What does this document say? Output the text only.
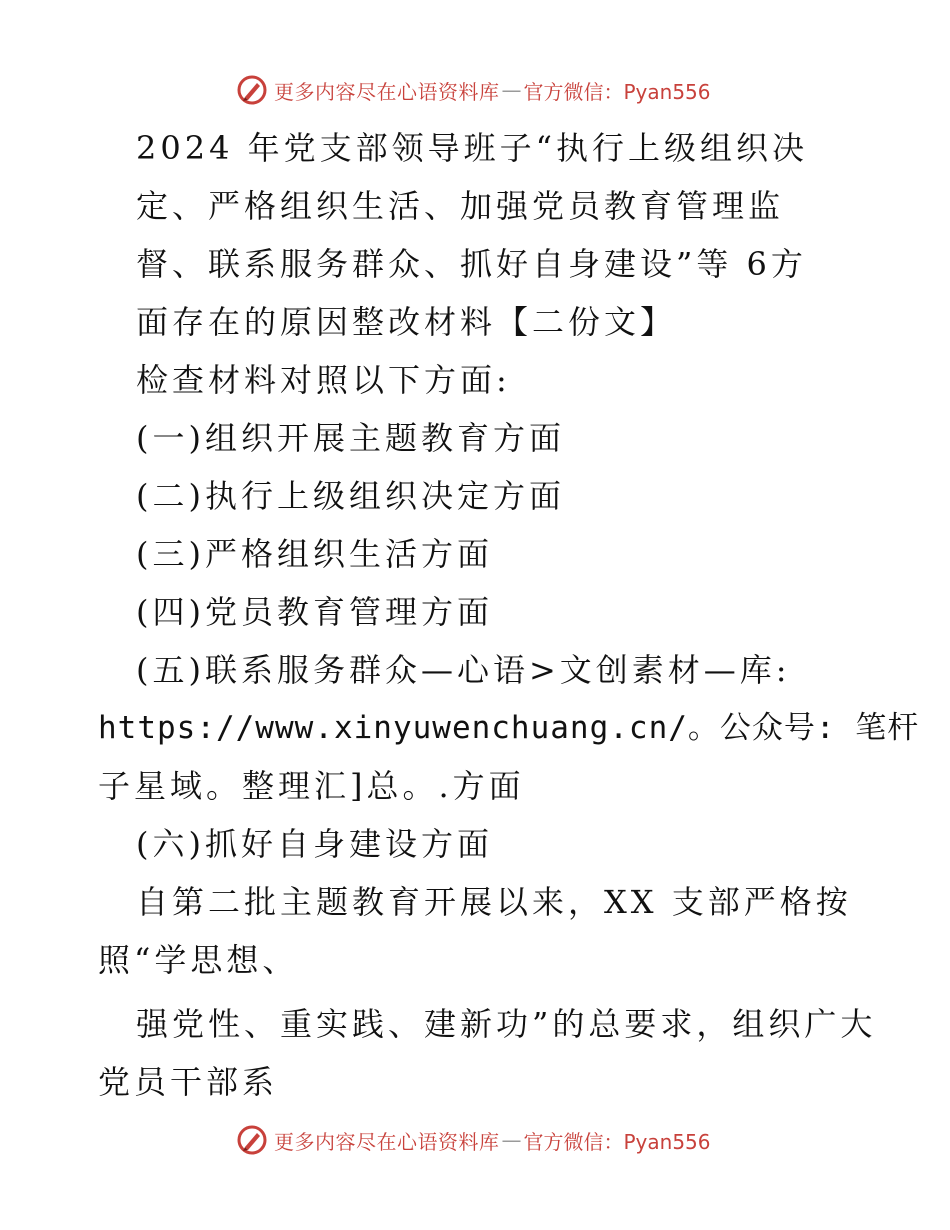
更多内容尽在心语资料库 — 官方微信：Pyan556
2024 年党支部领导班子“执行上级组织决
定、严格组织生活、加强党员教育管理监
督、联系服务群众、抓好自身建设”等 6方
面存在的原因整改材料【二份文】
检查材料对照以下方面:
(一)组织开展主题教育方面
(二)执行上级组织决定方面
(三)严格组织生活方面
(四)党员教育管理方面
(五)联系服务群众—心语>文创素材—库:
https://www.xinyuwenchuang.cn/。公众号: 笔杆
子星域。整理汇]总。.方面
(六)抓好自身建设方面
自第二批主题教育开展以来，XX 支部严格按
照“学思想、
强党性、重实践、建新功”的总要求，组织广大
党员干部系
更多内容尽在心语资料库 — 官方微信：Pyan556
